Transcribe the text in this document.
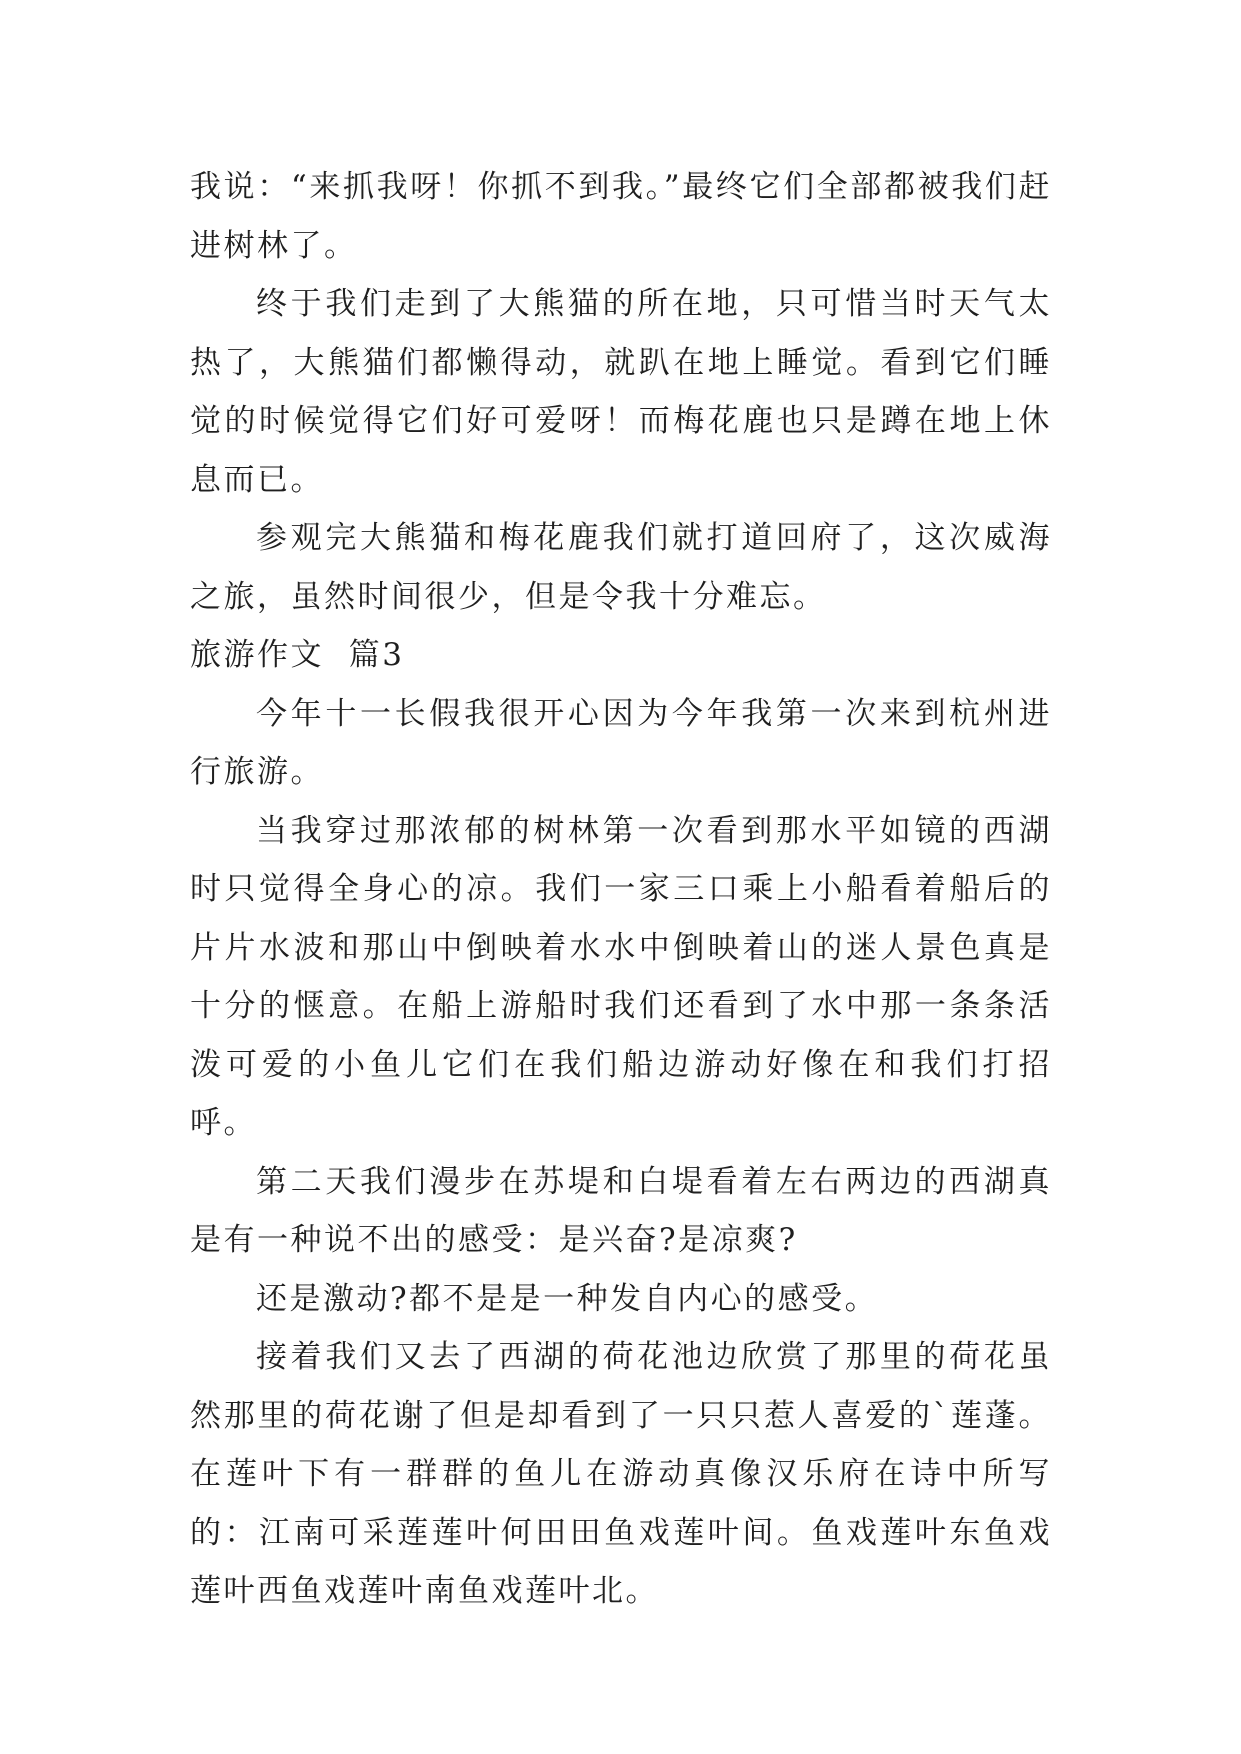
我说：“来抓我呀！你抓不到我。”最终它们全部都被我们赶进树林了。

终于我们走到了大熊猫的所在地，只可惜当时天气太热了，大熊猫们都懒得动，就趴在地上睡觉。看到它们睡觉的时候觉得它们好可爱呀！而梅花鹿也只是蹲在地上休息而已。

参观完大熊猫和梅花鹿我们就打道回府了，这次威海之旅，虽然时间很少，但是令我十分难忘。

旅游作文  篇3

今年十一长假我很开心因为今年我第一次来到杭州进行旅游。

当我穿过那浓郁的树林第一次看到那水平如镜的西湖时只觉得全身心的凉。我们一家三口乘上小船看着船后的片片水波和那山中倒映着水水中倒映着山的迷人景色真是十分的惬意。在船上游船时我们还看到了水中那一条条活泼可爱的小鱼儿它们在我们船边游动好像在和我们打招呼。

第二天我们漫步在苏堤和白堤看着左右两边的西湖真是有一种说不出的感受：是兴奋?是凉爽?

还是激动?都不是是一种发自内心的感受。

接着我们又去了西湖的荷花池边欣赏了那里的荷花虽然那里的荷花谢了但是却看到了一只只惹人喜爱的`莲蓬。在莲叶下有一群群的鱼儿在游动真像汉乐府在诗中所写的：江南可采莲莲叶何田田鱼戏莲叶间。鱼戏莲叶东鱼戏莲叶西鱼戏莲叶南鱼戏莲叶北。
